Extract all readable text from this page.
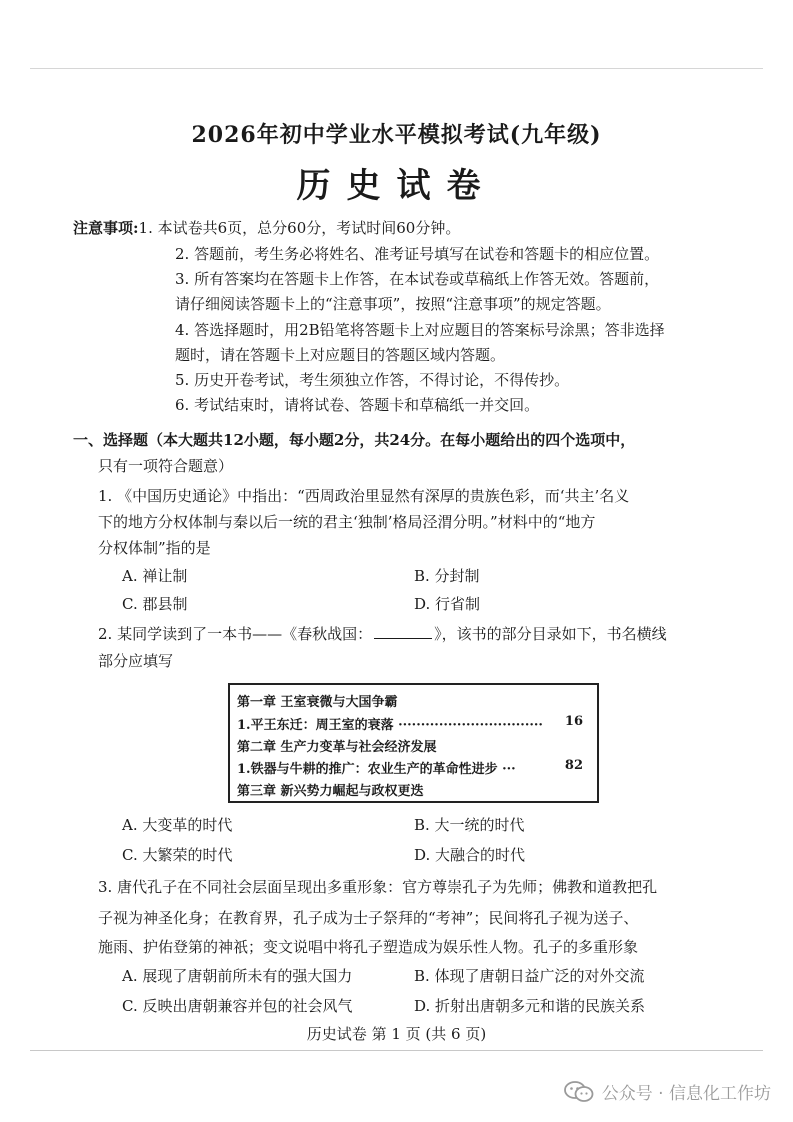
2026年初中学业水平模拟考试(九年级)
历史试卷
注意事项:1. 本试卷共6页，总分60分，考试时间60分钟。
2. 答题前，考生务必将姓名、准考证号填写在试卷和答题卡的相应位置。
3. 所有答案均在答题卡上作答，在本试卷或草稿纸上作答无效。答题前，
请仔细阅读答题卡上的“注意事项”，按照“注意事项”的规定答题。
4. 答选择题时，用2B铅笔将答题卡上对应题目的答案标号涂黑；答非选择
题时，请在答题卡上对应题目的答题区域内答题。
5. 历史开卷考试，考生须独立作答，不得讨论，不得传抄。
6. 考试结束时，请将试卷、答题卡和草稿纸一并交回。
一、选择题（本大题共12小题，每小题2分，共24分。在每小题给出的四个选项中，
只有一项符合题意）
1. 《中国历史通论》中指出：“西周政治里显然有深厚的贵族色彩，而‘共主’名义
下的地方分权体制与秦以后一统的君主‘独制’格局泾渭分明。”材料中的“地方
分权体制”指的是
A. 禅让制	B. 分封制
C. 郡县制	D. 行省制
2. 某同学读到了一本书——《春秋战国：	》，该书的部分目录如下，书名横线
部分应填写
第一章 王室衰微与大国争霸
1.平王东迁：周王室的衰落 ································ 16
第二章 生产力变革与社会经济发展
1.铁器与牛耕的推广：农业生产的革命性进步 ···	82
第三章 新兴势力崛起与政权更迭
A. 大变革的时代	B. 大一统的时代
C. 大繁荣的时代	D. 大融合的时代
3. 唐代孔子在不同社会层面呈现出多重形象：官方尊崇孔子为先师；佛教和道教把孔
子视为神圣化身；在教育界，孔子成为士子祭拜的“考神”；民间将孔子视为送子、
施雨、护佑登第的神祇；变文说唱中将孔子塑造成为娱乐性人物。孔子的多重形象
A. 展现了唐朝前所未有的强大国力	B. 体现了唐朝日益广泛的对外交流
C. 反映出唐朝兼容并包的社会风气	D. 折射出唐朝多元和谐的民族关系
历史试卷 第 1 页 (共 6 页)
公众号 · 信息化工作坊
